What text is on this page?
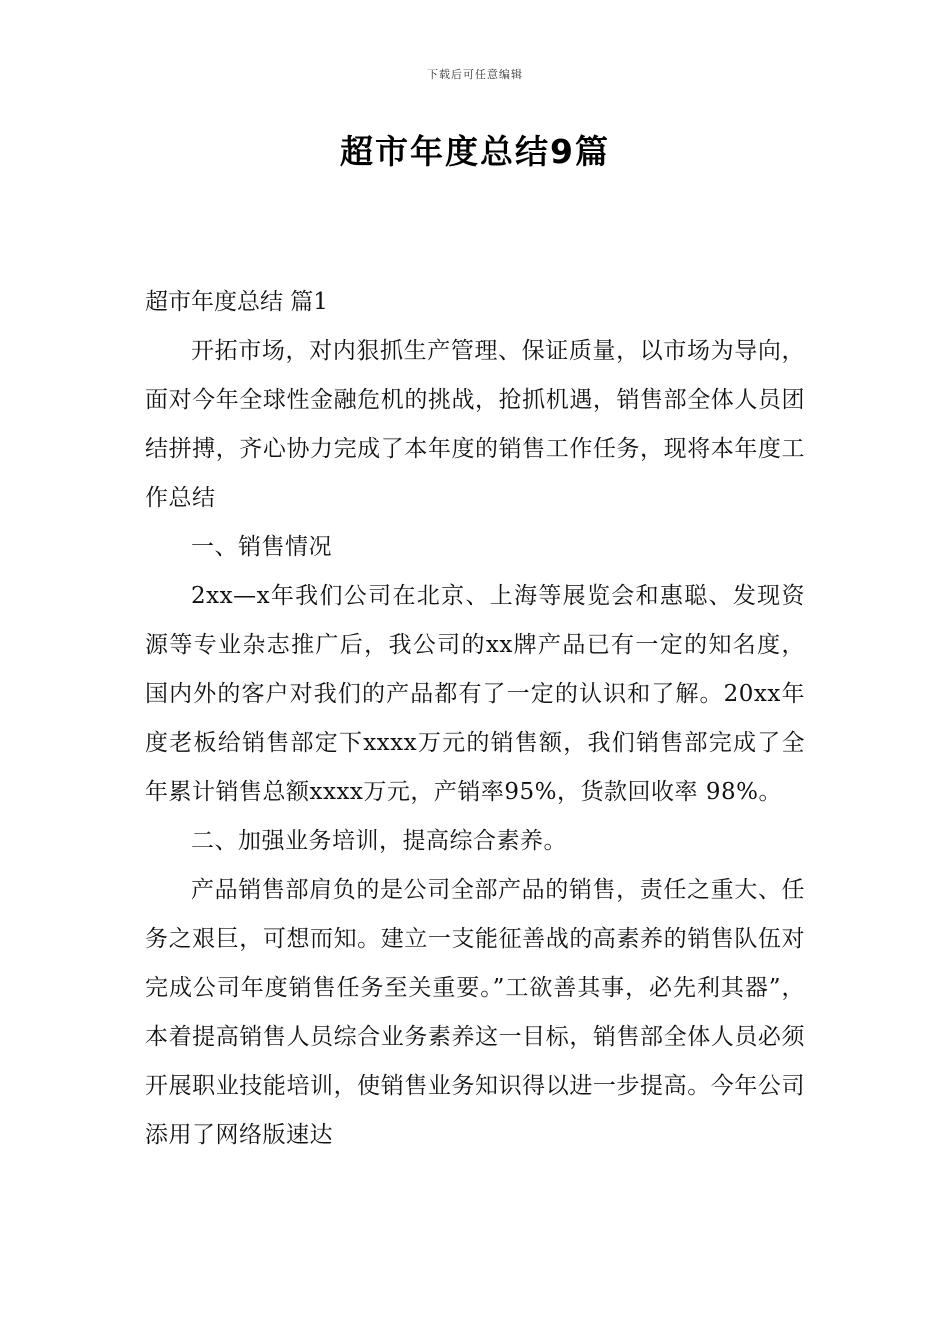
下载后可任意编辑
超市年度总结9篇
超市年度总结 篇1

开拓市场，对内狠抓生产管理、保证质量，以市场为导向，面对今年全球性金融危机的挑战，抢抓机遇，销售部全体人员团结拼搏，齐心协力完成了本年度的销售工作任务，现将本年度工作总结

一、销售情况

2xx—x年我们公司在北京、上海等展览会和惠聪、发现资源等专业杂志推广后，我公司的xx牌产品已有一定的知名度，国内外的客户对我们的产品都有了一定的认识和了解。20xx年度老板给销售部定下xxxx万元的销售额，我们销售部完成了全年累计销售总额xxxx万元，产销率95%，货款回收率 98%。

二、加强业务培训，提高综合素养。

产品销售部肩负的是公司全部产品的销售，责任之重大、任务之艰巨，可想而知。建立一支能征善战的高素养的销售队伍对完成公司年度销售任务至关重要。”工欲善其事，必先利其器”，本着提高销售人员综合业务素养这一目标，销售部全体人员必须开展职业技能培训，使销售业务知识得以进一步提高。今年公司添用了网络版速达
